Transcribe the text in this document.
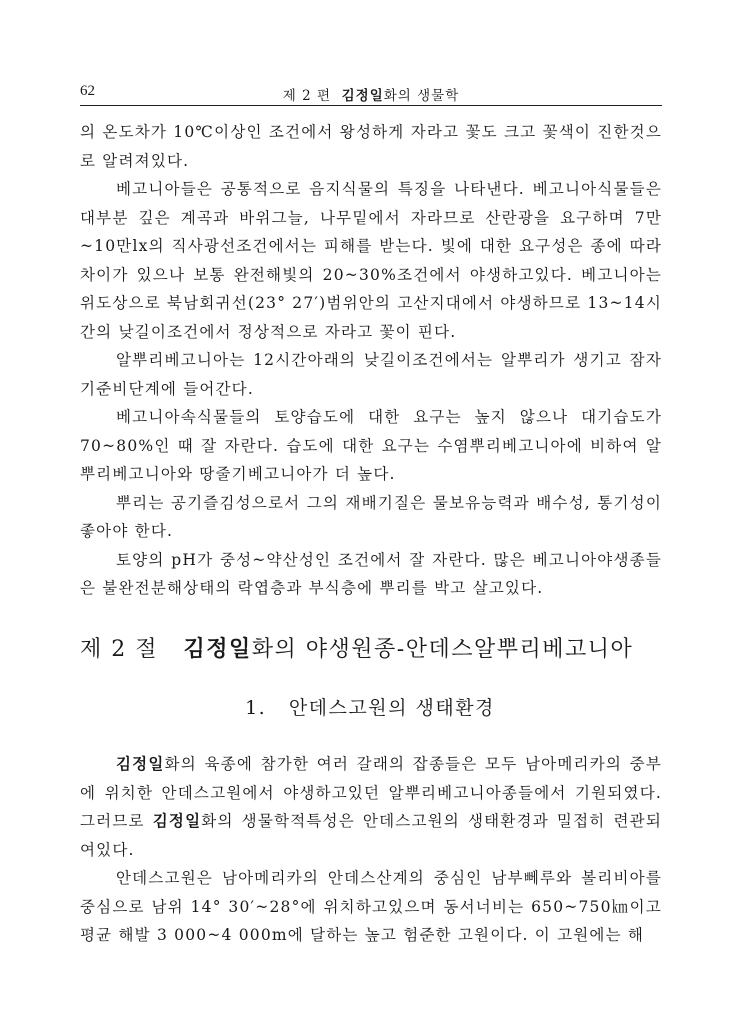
62	제 2 편 김정일화의 생물학

의 온도차가 10℃이상인 조건에서 왕성하게 자라고 꽃도 크고 꽃색이 진한것으로 알려져있다.

베고니아들은 공통적으로 음지식물의 특징을 나타낸다. 베고니아식물들은 대부분 깊은 계곡과 바위그늘, 나무밑에서 자라므로 산란광을 요구하며 7만~10만lx의 직사광선조건에서는 피해를 받는다. 빛에 대한 요구성은 종에 따라 차이가 있으나 보통 완전해빛의 20~30%조건에서 야생하고있다. 베고니아는 위도상으로 북남회귀선(23° 27′)범위안의 고산지대에서 야생하므로 13~14시간의 낮길이조건에서 정상적으로 자라고 꽃이 핀다.

알뿌리베고니아는 12시간아래의 낮길이조건에서는 알뿌리가 생기고 잠자기준비단계에 들어간다.

베고니아속식물들의 토양습도에 대한 요구는 높지 않으나 대기습도가 70~80%인 때 잘 자란다. 습도에 대한 요구는 수염뿌리베고니아에 비하여 알뿌리베고니아와 땅줄기베고니아가 더 높다.

뿌리는 공기즐김성으로서 그의 재배기질은 물보유능력과 배수성, 통기성이 좋아야 한다.

토양의 pH가 중성~약산성인 조건에서 잘 자란다. 많은 베고니아야생종들은 불완전분해상태의 락엽층과 부식층에 뿌리를 박고 살고있다.

제 2 절 김정일화의 야생원종-안데스알뿌리베고니아
1. 안데스고원의 생태환경

김정일화의 육종에 참가한 여러 갈래의 잡종들은 모두 남아메리카의 중부에 위치한 안데스고원에서 야생하고있던 알뿌리베고니아종들에서 기원되였다. 그러므로 김정일화의 생물학적특성은 안데스고원의 생태환경과 밀접히 련관되여있다.

안데스고원은 남아메리카의 안데스산계의 중심인 남부뻬루와 볼리비아를 중심으로 남위 14° 30′~28°에 위치하고있으며 동서너비는 650~750㎞이고 평균 해발 3 000~4 000m에 달하는 높고 험준한 고원이다. 이 고원에는 해
